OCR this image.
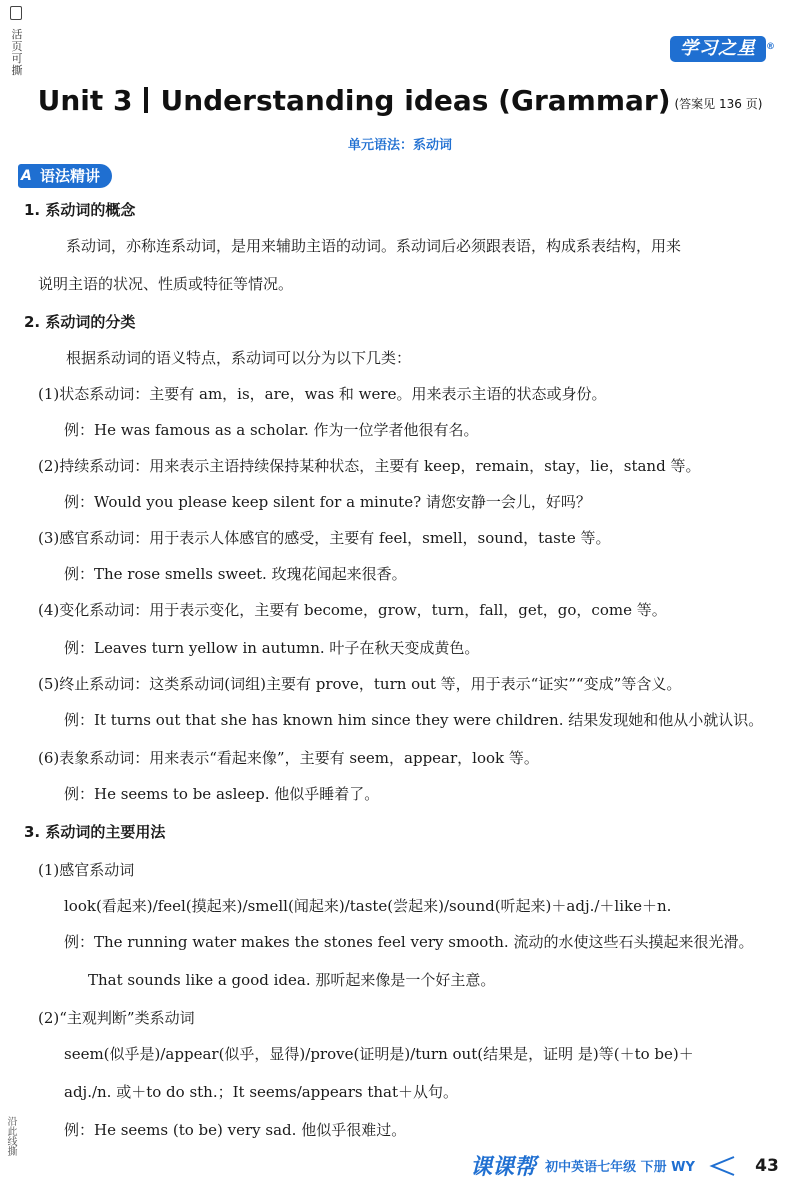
活页可撕
沿此线撕
学习之星 ®
Unit 3 Understanding ideas (Grammar) (答案见 136 页)
单元语法：系动词
A 语法精讲
1. 系动词的概念
系动词，亦称连系动词，是用来辅助主语的动词。系动词后必须跟表语，构成系表结构，用来
说明主语的状况、性质或特征等情况。
2. 系动词的分类
根据系动词的语义特点，系动词可以分为以下几类：
(1)状态系动词：主要有 am，is，are，was 和 were。用来表示主语的状态或身份。
例：He was famous as a scholar. 作为一位学者他很有名。
(2)持续系动词：用来表示主语持续保持某种状态，主要有 keep，remain，stay，lie，stand 等。
例：Would you please keep silent for a minute? 请您安静一会儿，好吗？
(3)感官系动词：用于表示人体感官的感受，主要有 feel，smell，sound，taste 等。
例：The rose smells sweet. 玫瑰花闻起来很香。
(4)变化系动词：用于表示变化，主要有 become，grow，turn，fall，get，go，come 等。
例：Leaves turn yellow in autumn. 叶子在秋天变成黄色。
(5)终止系动词：这类系动词(词组)主要有 prove，turn out 等，用于表示“证实”“变成”等含义。
例：It turns out that she has known him since they were children. 结果发现她和他从小就认识。
(6)表象系动词：用来表示“看起来像”，主要有 seem，appear，look 等。
例：He seems to be asleep. 他似乎睡着了。
3. 系动词的主要用法
(1)感官系动词
look(看起来)/feel(摸起来)/smell(闻起来)/taste(尝起来)/sound(听起来)＋adj./＋like＋n.
例：The running water makes the stones feel very smooth. 流动的水使这些石头摸起来很光滑。
That sounds like a good idea. 那听起来像是一个好主意。
(2)“主观判断”类系动词
seem(似乎是)/appear(似乎，显得)/prove(证明是)/turn out(结果是，证明 是)等(＋to be)＋
adj./n. 或＋to do sth.；It seems/appears that＋从句。
例：He seems (to be) very sad. 他似乎很难过。
课课帮 初中英语七年级 下册 WY	43
